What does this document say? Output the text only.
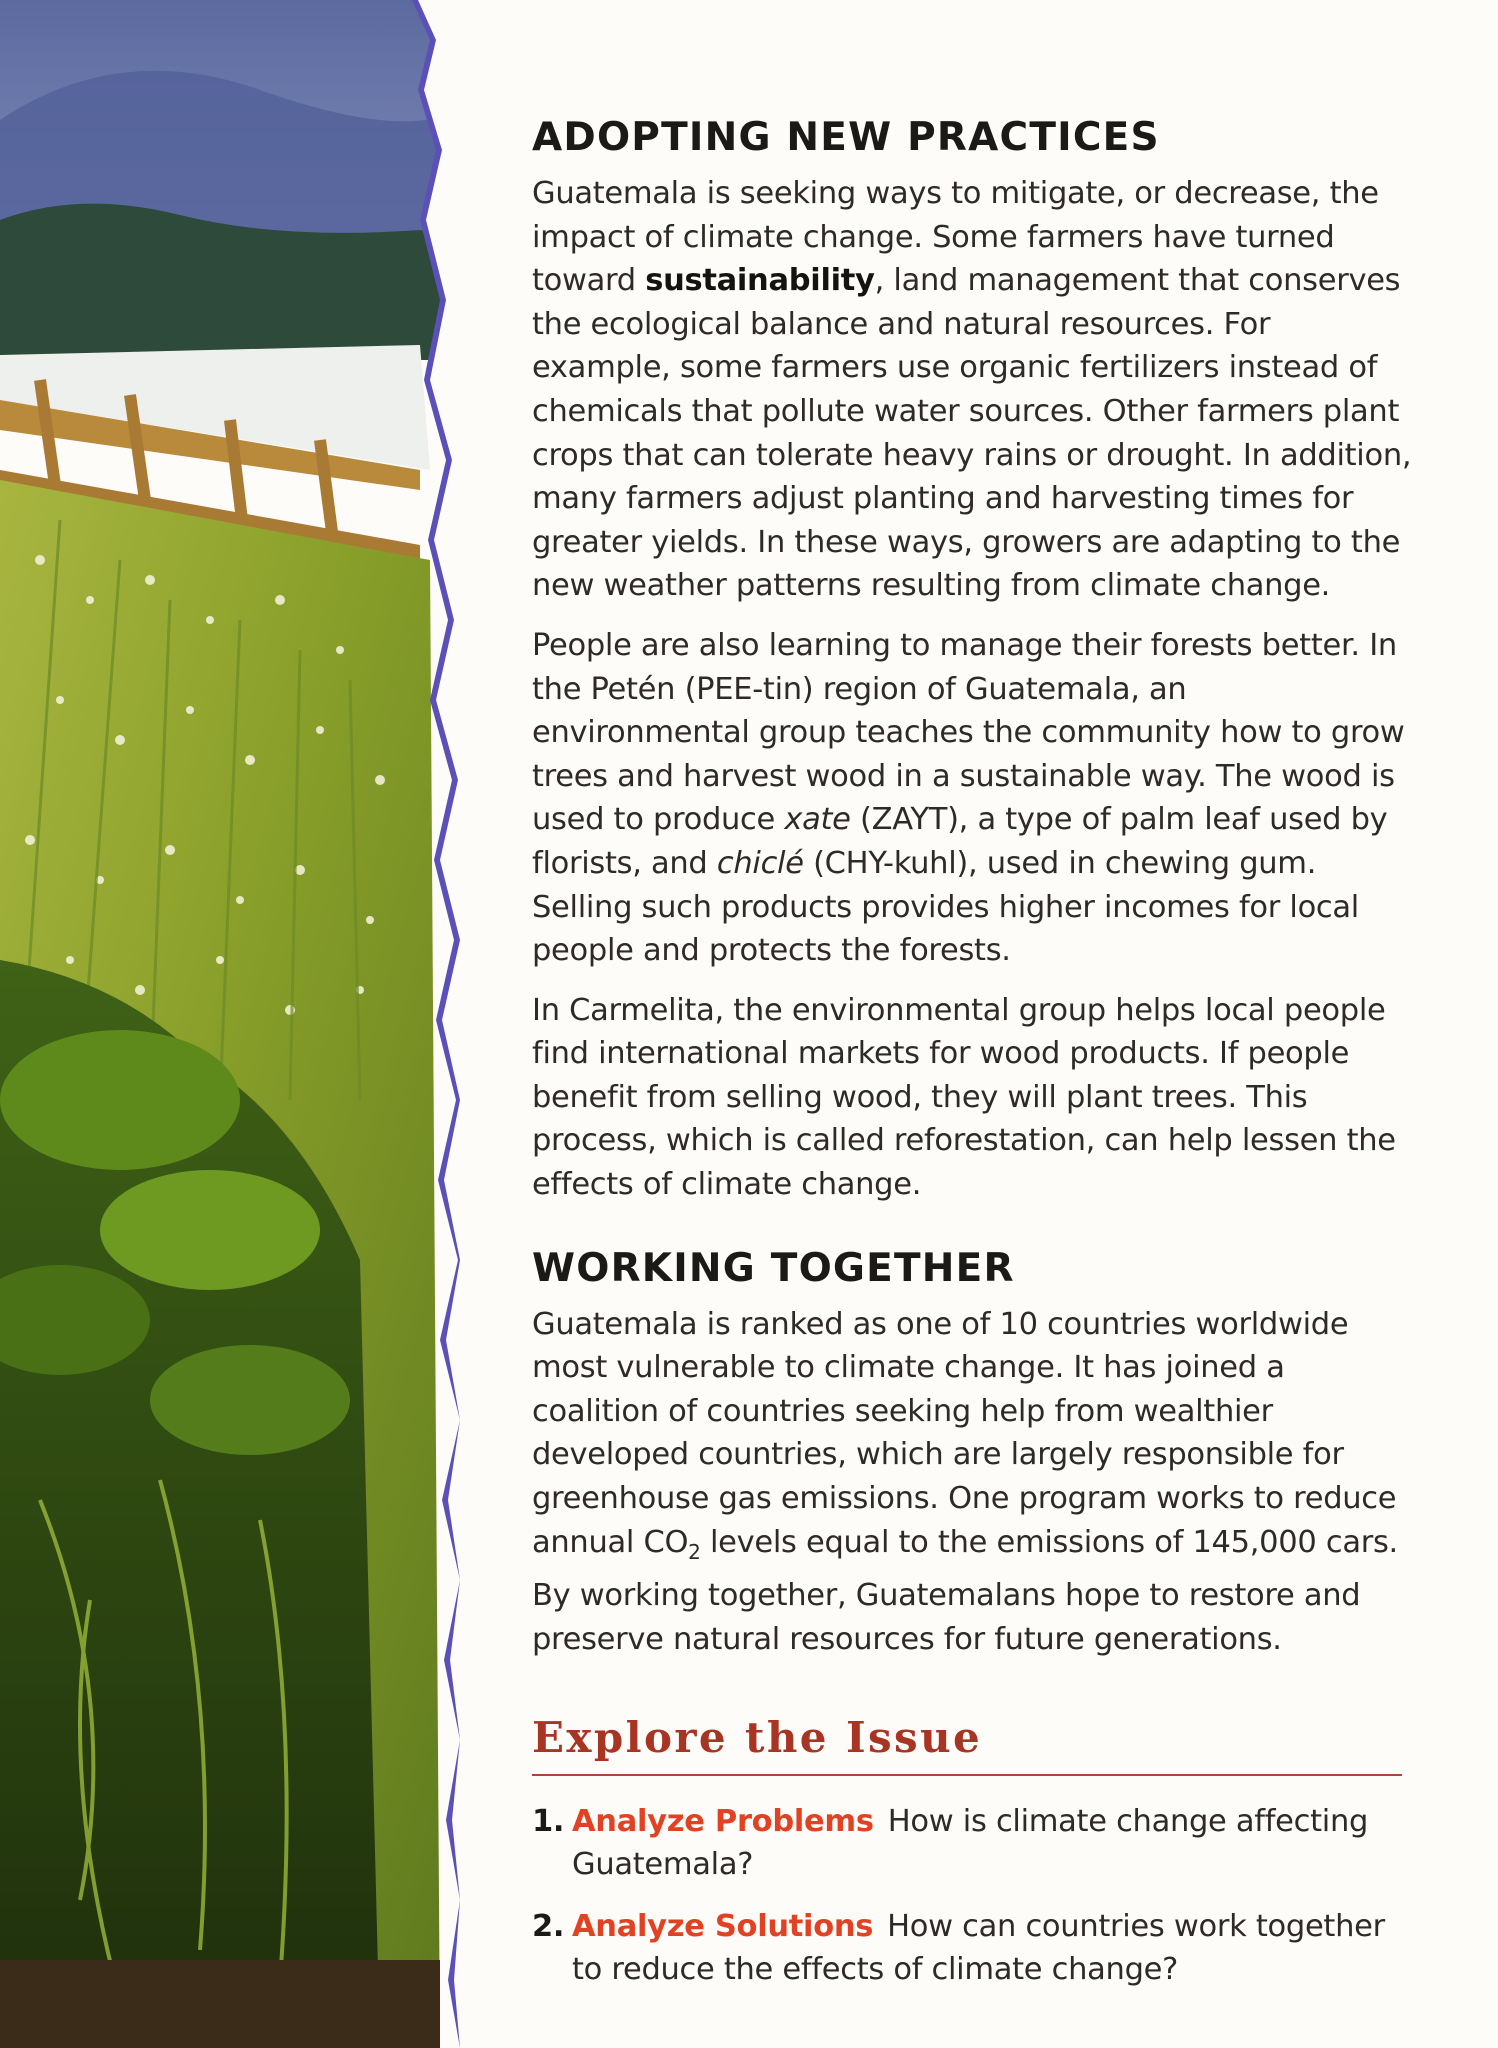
ADOPTING NEW PRACTICES

Guatemala is seeking ways to mitigate, or decrease, the impact of climate change. Some farmers have turned toward sustainability, land management that conserves the ecological balance and natural resources. For example, some farmers use organic fertilizers instead of chemicals that pollute water sources. Other farmers plant crops that can tolerate heavy rains or drought. In addition, many farmers adjust planting and harvesting times for greater yields. In these ways, growers are adapting to the new weather patterns resulting from climate change.

People are also learning to manage their forests better. In the Petén (PEE-tin) region of Guatemala, an environmental group teaches the community how to grow trees and harvest wood in a sustainable way. The wood is used to produce xate (ZAYT), a type of palm leaf used by florists, and chiclé (CHY-kuhl), used in chewing gum. Selling such products provides higher incomes for local people and protects the forests.

In Carmelita, the environmental group helps local people find international markets for wood products. If people benefit from selling wood, they will plant trees. This process, which is called reforestation, can help lessen the effects of climate change.

WORKING TOGETHER

Guatemala is ranked as one of 10 countries worldwide most vulnerable to climate change. It has joined a coalition of countries seeking help from wealthier developed countries, which are largely responsible for greenhouse gas emissions. One program works to reduce annual $CO_2$ levels equal to the emissions of 145,000 cars. By working together, Guatemalans hope to restore and preserve natural resources for future generations.

Explore the Issue
1. Analyze Problems How is climate change affecting Guatemala?
2. Analyze Solutions How can countries work together to reduce the effects of climate change?
